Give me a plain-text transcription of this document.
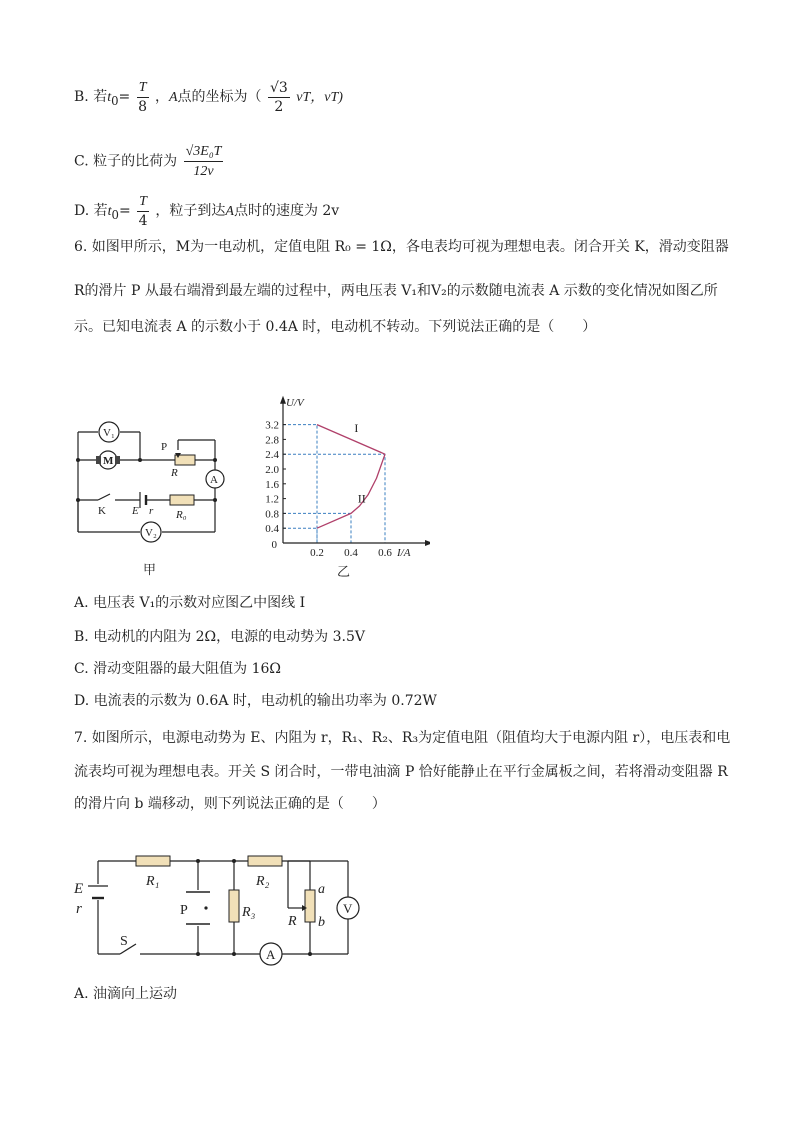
B. 若$t_0= \frac{T}{8}$ ，A点的坐标为（ $\frac{√3}{2}$ vT，vT)
C. 粒子的比荷为 $\frac{\text{√3E₀T}}{12v}$
D. 若$t_0= \frac{T}{4}$ ，粒子到达A点时的速度为 2v
6. 如图甲所示，M为一电动机，定值电阻 R₀ = 1Ω，各电表均可视为理想电表。闭合开关 K，滑动变阻器
R的滑片 P 从最右端滑到最左端的过程中，两电压表 V₁和V₂的示数随电流表 A 示数的变化情况如图乙所
示。已知电流表 A 的示数小于 0.4A 时，电动机不转动。下列说法正确的是（　　）
V₁
M
P
R
A
K E r R₀
V₂
甲
0.4
0.8
1.2
1.6
2.0
2.4
2.8
3.2
0.2 0.4 0.6
0
U/V
I/A
I
II
乙
A. 电压表 V₁的示数对应图乙中图线 I
B. 电动机的内阻为 2Ω，电源的电动势为 3.5V
C. 滑动变阻器的最大阻值为 16Ω
D. 电流表的示数为 0.6A 时，电动机的输出功率为 0.72W
7. 如图所示，电源电动势为 E、内阻为 r，R₁、R₂、R₃为定值电阻（阻值均大于电源内阻 r），电压表和电
流表均可视为理想电表。开关 S 闭合时，一带电油滴 P 恰好能静止在平行金属板之间，若将滑动变阻器 R
的滑片向 b 端移动，则下列说法正确的是（　　）
E
r
R₁
P	R₃
R₂
R
a
b
V
S
A
A. 油滴向上运动
